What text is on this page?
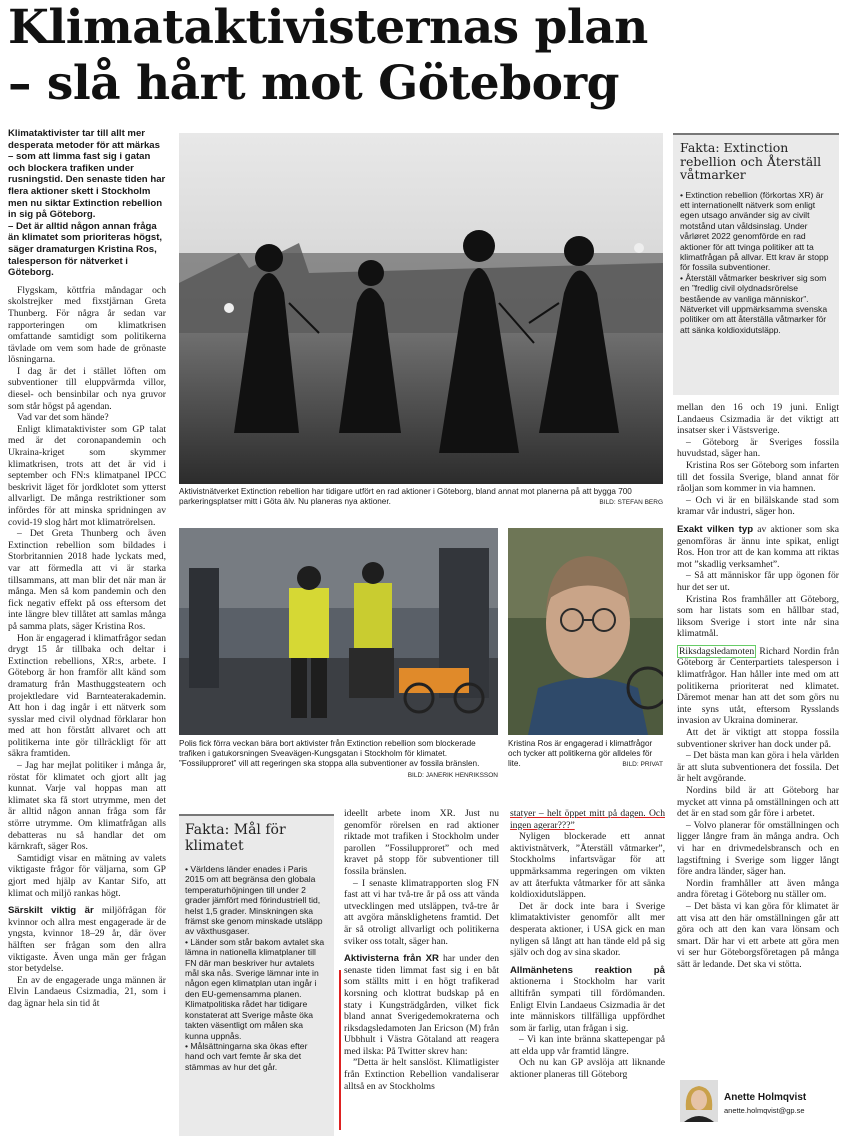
Klimataktivisternas plan
– slå hårt mot Göteborg

Klimataktivister tar till allt mer desperata metoder för att märkas – som att limma fast sig i gatan och blockera trafiken under rusningstid. Den senaste tiden har flera aktioner skett i Stockholm men nu siktar Extinction rebellion in sig på Göteborg.

– Det är alltid någon annan fråga än klimatet som prioriteras högst, säger dramaturgen Kristina Ros, talesperson för nätverket i Göteborg.

Flygskam, köttfria måndagar och skolstrejker med fixstjärnan Greta Thunberg. För några år sedan var rapporteringen om klimatkrisen omfattande samtidigt som politikerna tävlade om vem som hade de grönaste lösningarna.

I dag är det i stället löften om subventioner till eluppvärmda villor, diesel- och bensinbilar och nya gruvor som står högst på agendan.

Vad var det som hände?

Enligt klimataktivister som GP talat med är det coronapandemin och Ukraina-kriget som skymmer klimatkrisen, trots att det är vid i september och FN:s klimatpanel IPCC beskrivit läget för jordklotet som ytterst allvarligt. De många restriktioner som infördes för att minska spridningen av covid-19 slog hårt mot klimatrörelsen.

– Det Greta Thunberg och även Extinction rebellion som bildades i Storbritannien 2018 hade lyckats med, var att förmedla att vi är starka tillsammans, att man blir det när man är många. Men så kom pandemin och den fick negativ effekt på oss eftersom det inte längre blev tillåtet att samlas många på samma plats, säger Kristina Ros.

Hon är engagerad i klimatfrågor sedan drygt 15 år tillbaka och deltar i Extinction rebellions, XR:s, arbete. I Göteborg är hon framför allt känd som dramaturg från Masthuggsteatern och projektledare vid Barnteaterakademin. Att hon i dag ingår i ett nätverk som sysslar med civil olydnad förklarar hon med att hon förstått allvaret och att politikerna inte gör tillräckligt för att säkra framtiden.

– Jag har mejlat politiker i många år, röstat för klimatet och gjort allt jag kunnat. Varje val hoppas man att klimatet ska få stort utrymme, men det är alltid någon annan fråga som får större utrymme. Om klimatfrågan alls debatteras nu så handlar det om kärnkraft, säger Ros.

Samtidigt visar en mätning av valets viktigaste frågor för väljarna, som GP gjort med hjälp av Kantar Sifo, att klimat och miljö rankas högt.

Särskilt viktig är miljöfrågan för kvinnor och allra mest engagerade är de yngsta, kvinnor 18–29 år, där över hälften ser frågan som den allra viktigaste. Även unga män ger frågan stor betydelse.

En av de engagerade unga männen är Elvin Landaeus Csizmadia, 21, som i dag ägnar hela sin tid åt

Aktivistnätverket Extinction rebellion har tidigare utfört en rad aktioner i Göteborg, bland annat mot planerna på att bygga 700 parkeringsplatser mitt i Göta älv. Nu planeras nya aktioner.	BILD: STEFAN BERG
Polis fick förra veckan bära bort aktivister från Extinction rebellion som blockerade trafiken i gatukorsningen Sveavägen-Kungsgatan i Stockholm för klimatet. ”Fossilupproret” vill att regeringen ska stoppa alla subventioner av fossila bränslen.
BILD: JANERIK HENRIKSSON
Kristina Ros är engagerad i klimatfrågor och tycker att politikerna gör alldeles för lite.	BILD: PRIVAT
Fakta: Extinction rebellion och Återställ våtmarker

• Extinction rebellion (förkortas XR) är ett internationellt nätverk som enligt egen utsago använder sig av civilt motstånd utan våldsinslag. Under vårløret 2022 genomförde en rad aktioner för att tvinga politiker att ta klimatfrågan på allvar. Ett krav är stopp för fossila subventioner.

• Återställ våtmarker beskriver sig som en ”fredlig civil olydnadsrörelse bestående av vanliga människor”. Nätverket vill uppmärksamma svenska politiker om att återställa våtmarker för att sänka koldioxidutsläpp.

Fakta: Mål för klimatet

• Världens länder enades i Paris 2015 om att begränsa den globala temperaturhöjningen till under 2 grader jämfört med förindustriell tid, helst 1,5 grader. Minskningen ska främst ske genom minskade utsläpp av växthusgaser.

• Länder som står bakom avtalet ska lämna in nationella klimatplaner till FN där man beskriver hur avtalets mål ska nås. Sverige lämnar inte in någon egen klimatplan utan ingår i den EU-gemensamma planen. Klimatpolitiska rådet har tidigare konstaterat att Sverige måste öka takten väsentligt om målen ska kunna uppnås.

• Målsättningarna ska ökas efter hand och vart femte år ska det stämmas av hur det går.

ideellt arbete inom XR. Just nu genomför rörelsen en rad aktioner riktade mot trafiken i Stockholm under parollen ”Fossilupproret” och med kravet på stopp för subventioner till fossila bränslen.

– I senaste klimatrapporten slog FN fast att vi har två-tre år på oss att vända utvecklingen med utsläppen, två-tre år att avgöra mänsklighetens framtid. Det är så otroligt allvarligt och politikerna sviker oss totalt, säger han.

Aktivisterna från XR har under den senaste tiden limmat fast sig i en båt som ställts mitt i en högt trafikerad korsning och klottrat budskap på en staty i Kungsträdgården, vilket fick bland annat Sverigedemokraterna och riksdagsledamoten Jan Ericson (M) från Ubbhult i Västra Götaland att reagera med ilska: På Twitter skrev han:

”Detta är helt sanslöst. Klimatligister från Extinction Rebellion vandaliserar alltså en av Stockholms

statyer – helt öppet mitt på dagen. Och ingen agerar???”

Nyligen blockerade ett annat aktivistnätverk, ”Återställ våtmarker”, Stockholms infartsvägar för att uppmärksamma regeringen om vikten av att återfukta våtmarker för att sänka koldioxidutsläppen.

Det är dock inte bara i Sverige klimataktivister genomför allt mer desperata aktioner, i USA gick en man nyligen så långt att han tände eld på sig själv och dog av sina skador.

Allmänhetens reaktion på aktionerna i Stockholm har varit alltifrån sympati till fördömanden. Enligt Elvin Landaeus Csizmadia är det inte människors tillfälliga uppfördhet som är farlig, utan frågan i sig.

– Vi kan inte bränna skattepengar på att elda upp vår framtid längre.

Och nu kan GP avslöja att liknande aktioner planeras till Göteborg

mellan den 16 och 19 juni. Enligt Landaeus Csizmadia är det viktigt att insatser sker i Västsverige.

– Göteborg är Sveriges fossila huvudstad, säger han.

Kristina Ros ser Göteborg som infarten till det fossila Sverige, bland annat för råoljan som kommer in via hamnen.

– Och vi är en bilälskande stad som kramar vår industri, säger hon.

Exakt vilken typ av aktioner som ska genomföras är ännu inte spikat, enligt Ros. Hon tror att de kan komma att riktas mot ”skadlig verksamhet”.

– Så att människor får upp ögonen för hur det ser ut.

Kristina Ros framhåller att Göteborg, som har listats som en hållbar stad, liksom Sverige i stort inte når sina klimatmål.

Riksdagsledamoten Richard Nordin från Göteborg är Centerpartiets talesperson i klimatfrågor. Han håller inte med om att politikerna prioriterat ned klimatet. Däremot menar han att det som görs nu inte syns utåt, eftersom Rysslands invasion av Ukraina dominerar.

Att det är viktigt att stoppa fossila subventioner skriver han dock under på.

– Det bästa man kan göra i hela världen är att sluta subventionera det fossila. Det är helt avgörande.

Nordins bild är att Göteborg har mycket att vinna på omställningen och att det är en stad som går före i arbetet.

– Volvo planerar för omställningen och ligger långre fram än många andra. Och vi har en drivmedelsbransch och en lagstiftning i Sverige som ligger långt före andra länder, säger han.

Nordin framhåller att även många andra företag i Göteborg nu ställer om.

– Det bästa vi kan göra för klimatet är att visa att den här omställningen går att göra och att den kan vara lönsam och smart. Där har vi ett arbete att göra men vi ser hur Göteborgsföretagen på många sätt är ledande. Det ska vi stötta.

Anette Holmqvist
anette.holmqvist@gp.se
